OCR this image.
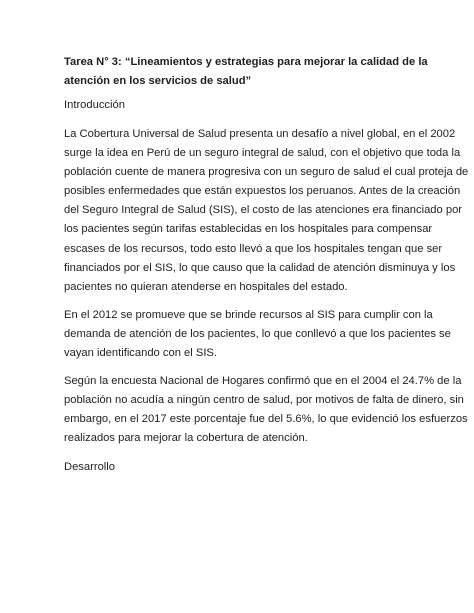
Tarea N° 3: “Lineamientos y estrategias para mejorar la calidad de la
atención en los servicios de salud”
Introducción
La Cobertura Universal de Salud presenta un desafío a nivel global, en el 2002
surge la idea en Perú de un seguro integral de salud, con el objetivo que toda la
población cuente de manera progresiva con un seguro de salud el cual proteja de
posibles enfermedades que están expuestos los peruanos. Antes de la creación
del Seguro Integral de Salud (SIS), el costo de las atenciones era financiado por
los pacientes según tarifas establecidas en los hospitales para compensar
escases de los recursos, todo esto llevó a que los hospitales tengan que ser
financiados por el SIS, lo que causo que la calidad de atención disminuya y los
pacientes no quieran atenderse en hospitales del estado.
En el 2012 se promueve que se brinde recursos al SIS para cumplir con la
demanda de atención de los pacientes, lo que conllevó a que los pacientes se
vayan identificando con el SIS.
Según la encuesta Nacional de Hogares confirmó que en el 2004 el 24.7% de la
población no acudía a ningún centro de salud, por motivos de falta de dinero, sin
embargo, en el 2017 este porcentaje fue del 5.6%, lo que evidenció los esfuerzos
realizados para mejorar la cobertura de atención.
Desarrollo
